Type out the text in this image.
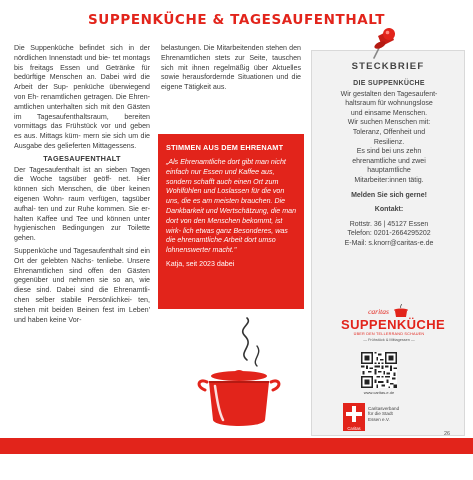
SUPPENKÜCHE & TAGESAUFENTHALT

Die Suppenküche befindet sich in der nördlichen Innenstadt und bie- tet montags bis freitags Essen und Getränke für bedürftige Menschen an. Dabei wird die Arbeit der Sup- penküche überwiegend von Eh- renamtlichen getragen. Die Ehren- amtlichen unterhalten sich mit den Gästen im Tagesaufenthaltsraum, bereiten vormittags das Frühstück vor und geben es aus. Mittags küm- mern sie sich um die Ausgabe des gelieferten Mittagessens.

TAGESAUFENTHALT

Der Tagesaufenthalt ist an sieben Tagen die Woche tagsüber geöff- net. Hier können sich Menschen, die über keinen eigenen Wohn- raum verfügen, tagsüber aufhal- ten und zur Ruhe kommen. Sie er- halten Kaffee und Tee und können unter hygienischen Bedingungen zur Toilette gehen.

Suppenküche und Tagesaufenthalt sind ein Ort der gelebten Nächs- tenliebe. Unsere Ehrenamtlichen sind offen den Gästen gegenüber und nehmen sie so an, wie diese sind. Dabei sind die Ehrenamtli- chen selber stabile Persönlichkei- ten, stehen mit beiden Beinen fest im Leben' und haben keine Vor-

belastungen. Die Mitarbeitenden stehen den Ehrenamtlichen stets zur Seite, tauschen sich mit ihnen regelmäßig über Aktuelles sowie herausfordernde Situationen und die eigene Tätigkeit aus.

STIMMEN AUS DEM EHRENAMT
„Als Ehrenamtliche dort gibt man nicht einfach nur Essen und Kaffee aus, sondern schafft auch einen Ort zum Wohlfühlen und Loslassen für die von uns, die es am meisten brauchen. Die Dankbarkeit und Wertschätzung, die man dort von den Menschen bekommt, ist wirk- lich etwas ganz Besonderes, was die ehrenamtliche Arbeit dort umso lohnenswerter macht."
Katja, seit 2023 dabei
STECKBRIEF
DIE SUPPENKÜCHE
Wir gestalten den Tagesaufent-
haltsraum für wohnungslose
und einsame Menschen.
Wir suchen Menschen mit:
Toleranz, Offenheit und
Resilienz.
Es sind bei uns zehn
ehrenamtliche und zwei
hauptamtliche
Mitarbeiter:innen tätig.
Melden Sie sich gerne!
Kontakt:
Rottstr. 36 | 45127 Essen
Telefon: 0201-2664295202
E-Mail: s.knorr@caritas-e.de
caritas
SUPPENKÜCHE
ÜBER DEN TELLERRAND SCHAUEN
— Frühstück & Mittagessen —
www.caritas-e.de
Caritas
Caritasverband
für die Stadt
Essen e.V.
26
